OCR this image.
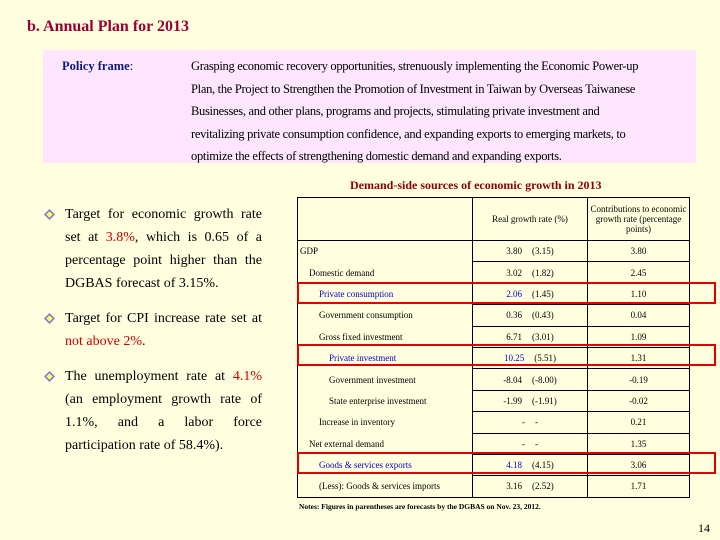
b. Annual Plan for 2013
Policy frame:	Grasping economic recovery opportunities, strenuously implementing the Economic Power-up
Plan, the Project to Strengthen the Promotion of Investment in Taiwan by Overseas Taiwanese
Businesses, and other plans, programs and projects, stimulating private investment and
revitalizing private consumption confidence, and expanding exports to emerging markets, to
optimize the effects of strengthening domestic demand and expanding exports.
Target for economic growth rate set at 3.8%, which is 0.65 of a percentage point higher than the DGBAS forecast of 3.15%.
Target for CPI increase rate set at not above 2%.
The unemployment rate at 4.1% (an employment growth rate of 1.1%, and a labor force participation rate of 58.4%).
Demand-side sources of economic growth in 2013
	Real growth rate (%)	Contributions to economic growth rate (percentage points)

GDP	3.80 (3.15)	3.80

Domestic demand	3.02 (1.82)	2.45

Private consumption	2.06 (1.45)	1.10

Government consumption	0.36 (0.43)	0.04

Gross fixed investment	6.71 (3.01)	1.09

Private investment	10.25 (5.51)	1.31

Government investment	-8.04 (-8.00)	-0.19

State enterprise investment	-1.99 (-1.91)	-0.02

Increase in inventory	- -	0.21

Net external demand	- -	1.35

Goods & services exports	4.18 (4.15)	3.06

(Less): Goods & services imports	3.16 (2.52)	1.71
Notes: Figures in parentheses are forecasts by the DGBAS on Nov. 23, 2012.
14
